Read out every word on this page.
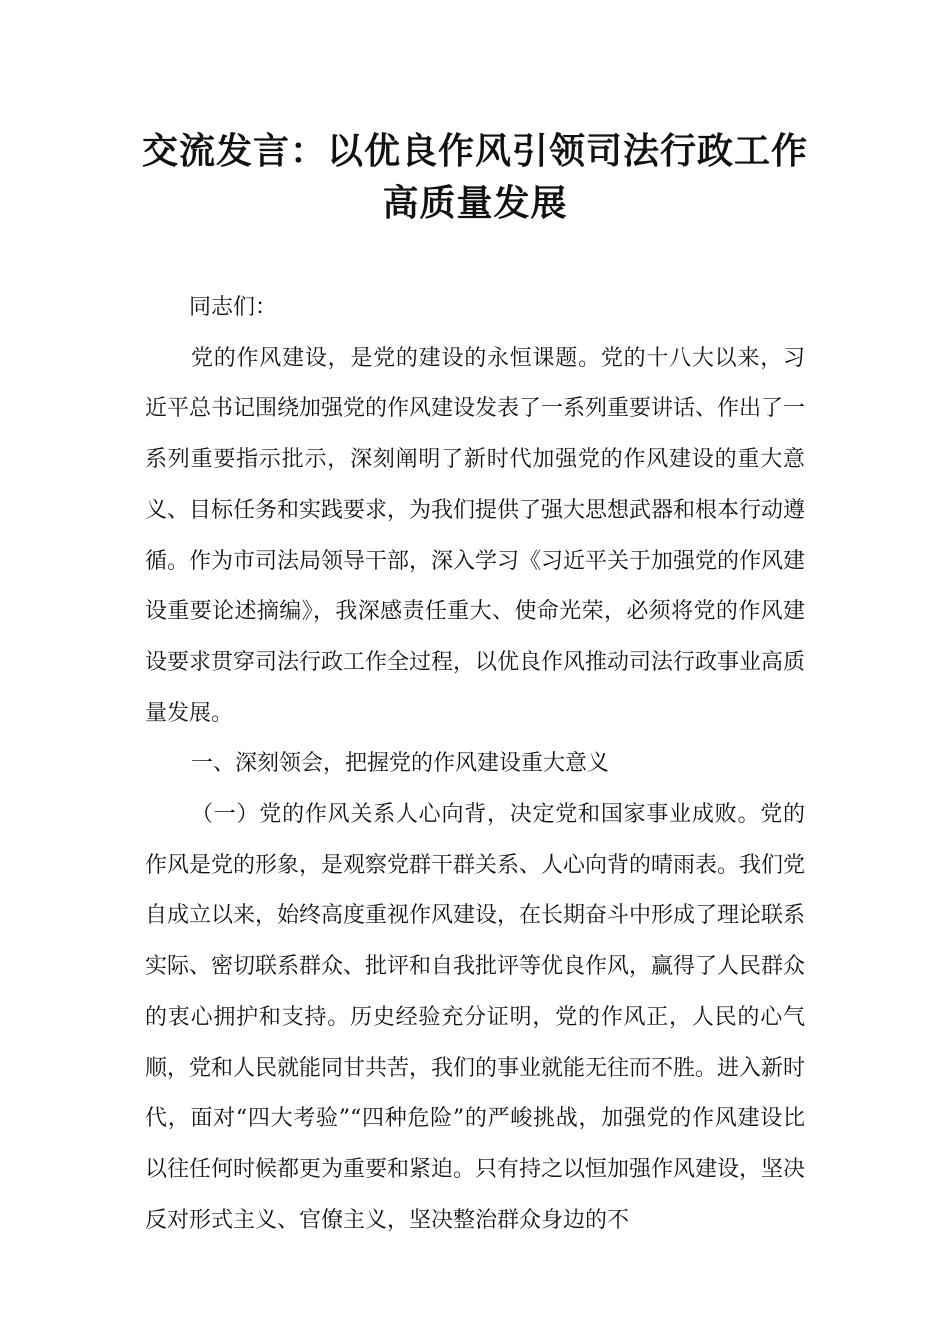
交流发言：以优良作风引领司法行政工作
高质量发展

同志们：

党的作风建设，是党的建设的永恒课题。党的十八大以来，习近平总书记围绕加强党的作风建设发表了一系列重要讲话、作出了一系列重要指示批示，深刻阐明了新时代加强党的作风建设的重大意义、目标任务和实践要求，为我们提供了强大思想武器和根本行动遵循。作为市司法局领导干部，深入学习《习近平关于加强党的作风建设重要论述摘编》，我深感责任重大、使命光荣，必须将党的作风建设要求贯穿司法行政工作全过程，以优良作风推动司法行政事业高质量发展。

一、深刻领会，把握党的作风建设重大意义

（一）党的作风关系人心向背，决定党和国家事业成败。党的作风是党的形象，是观察党群干群关系、人心向背的晴雨表。我们党自成立以来，始终高度重视作风建设，在长期奋斗中形成了理论联系实际、密切联系群众、批评和自我批评等优良作风，赢得了人民群众的衷心拥护和支持。历史经验充分证明，党的作风正，人民的心气顺，党和人民就能同甘共苦，我们的事业就能无往而不胜。进入新时代，面对“四大考验”“四种危险”的严峻挑战，加强党的作风建设比以往任何时候都更为重要和紧迫。只有持之以恒加强作风建设，坚决反对形式主义、官僚主义，坚决整治群众身边的不
